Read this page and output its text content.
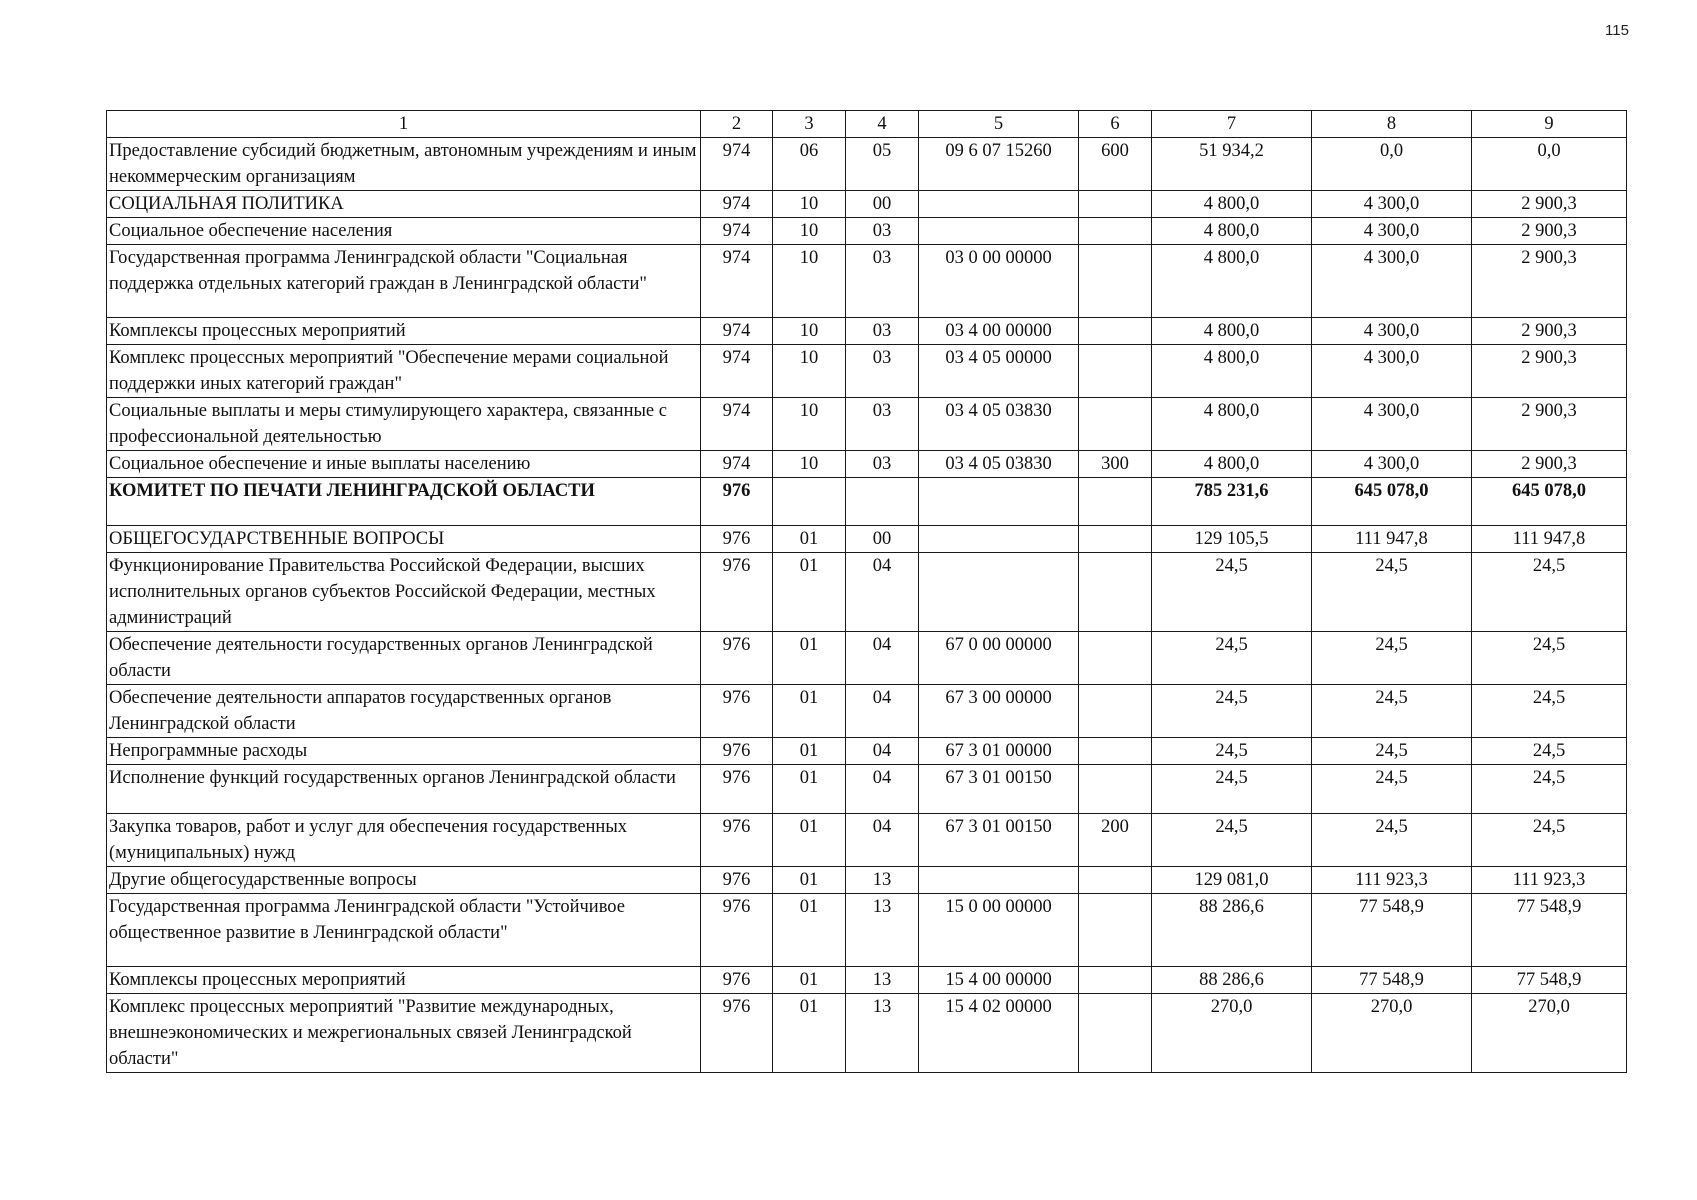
115
1	2	3	4	5	6	7	8	9
Предоставление субсидий бюджетным, автономным учреждениям и иным некоммерческим организациям	974	06	05	09 6 07 15260	600	51 934,2	0,0	0,0
СОЦИАЛЬНАЯ ПОЛИТИКА	974	10	00			4 800,0	4 300,0	2 900,3
Социальное обеспечение населения	974	10	03			4 800,0	4 300,0	2 900,3
Государственная программа Ленинградской области "Социальная поддержка отдельных категорий граждан в Ленинградской области"	974	10	03	03 0 00 00000		4 800,0	4 300,0	2 900,3
Комплексы процессных мероприятий	974	10	03	03 4 00 00000		4 800,0	4 300,0	2 900,3
Комплекс процессных мероприятий "Обеспечение мерами социальной поддержки иных категорий граждан"	974	10	03	03 4 05 00000		4 800,0	4 300,0	2 900,3
Социальные выплаты и меры стимулирующего характера, связанные с профессиональной деятельностью	974	10	03	03 4 05 03830		4 800,0	4 300,0	2 900,3
Социальное обеспечение и иные выплаты населению	974	10	03	03 4 05 03830	300	4 800,0	4 300,0	2 900,3
КОМИТЕТ ПО ПЕЧАТИ ЛЕНИНГРАДСКОЙ ОБЛАСТИ	976					785 231,6	645 078,0	645 078,0
ОБЩЕГОСУДАРСТВЕННЫЕ ВОПРОСЫ	976	01	00			129 105,5	111 947,8	111 947,8
Функционирование Правительства Российской Федерации, высших исполнительных органов субъектов Российской Федерации, местных администраций	976	01	04			24,5	24,5	24,5
Обеспечение деятельности государственных органов Ленинградской области	976	01	04	67 0 00 00000		24,5	24,5	24,5
Обеспечение деятельности аппаратов государственных органов Ленинградской области	976	01	04	67 3 00 00000		24,5	24,5	24,5
Непрограммные расходы	976	01	04	67 3 01 00000		24,5	24,5	24,5
Исполнение функций государственных органов Ленинградской области	976	01	04	67 3 01 00150		24,5	24,5	24,5
Закупка товаров, работ и услуг для обеспечения государственных (муниципальных) нужд	976	01	04	67 3 01 00150	200	24,5	24,5	24,5
Другие общегосударственные вопросы	976	01	13			129 081,0	111 923,3	111 923,3
Государственная программа Ленинградской области "Устойчивое общественное развитие в Ленинградской области"	976	01	13	15 0 00 00000		88 286,6	77 548,9	77 548,9
Комплексы процессных мероприятий	976	01	13	15 4 00 00000		88 286,6	77 548,9	77 548,9
Комплекс процессных мероприятий "Развитие международных, внешнеэкономических и межрегиональных связей Ленинградской области"	976	01	13	15 4 02 00000		270,0	270,0	270,0
